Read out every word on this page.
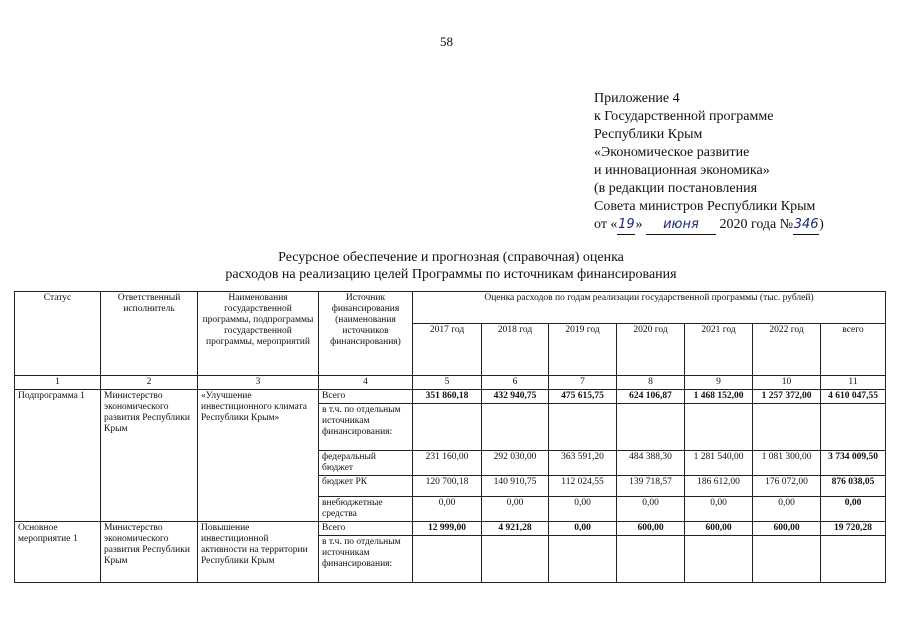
58
Приложение 4
к Государственной программе
Республики Крым
«Экономическое развитие
и инновационная экономика»
(в редакции постановления
Совета министров Республики Крым
от «19» июня 2020 года №346)
Ресурсное обеспечение и прогнозная (справочная) оценка
расходов на реализацию целей Программы по источникам финансирования
Статус	Ответственный исполнитель	Наименования государственной программы, подпрограммы государственной программы, мероприятий	Источник финансирования (наименования источников финансирования)	Оценка расходов по годам реализации государственной программы (тыс. рублей)						
				2017 год	2018 год	2019 год	2020 год	2021 год	2022 год	всего
1	2	3	4	5	6	7	8	9	10	11
Подпрограмма 1	Министерство экономического развития Республики Крым	«Улучшение инвестиционного климата Республики Крым»	Всего	351 860,18	432 940,75	475 615,75	624 106,87	1 468 152,00	1 257 372,00	4 610 047,55
			в т.ч. по отдельным источникам финансирования:							
			федеральный бюджет	231 160,00	292 030,00	363 591,20	484 388,30	1 281 540,00	1 081 300,00	3 734 009,50
			бюджет РК	120 700,18	140 910,75	112 024,55	139 718,57	186 612,00	176 072,00	876 038,05
			внебюджетные средства	0,00	0,00	0,00	0,00	0,00	0,00	0,00
Основное мероприятие 1	Министерство экономического развития Республики Крым	Повышение инвестиционной активности на территории Республики Крым	Всего	12 999,00	4 921,28	0,00	600,00	600,00	600,00	19 720,28
			в т.ч. по отдельным источникам финансирования:							
